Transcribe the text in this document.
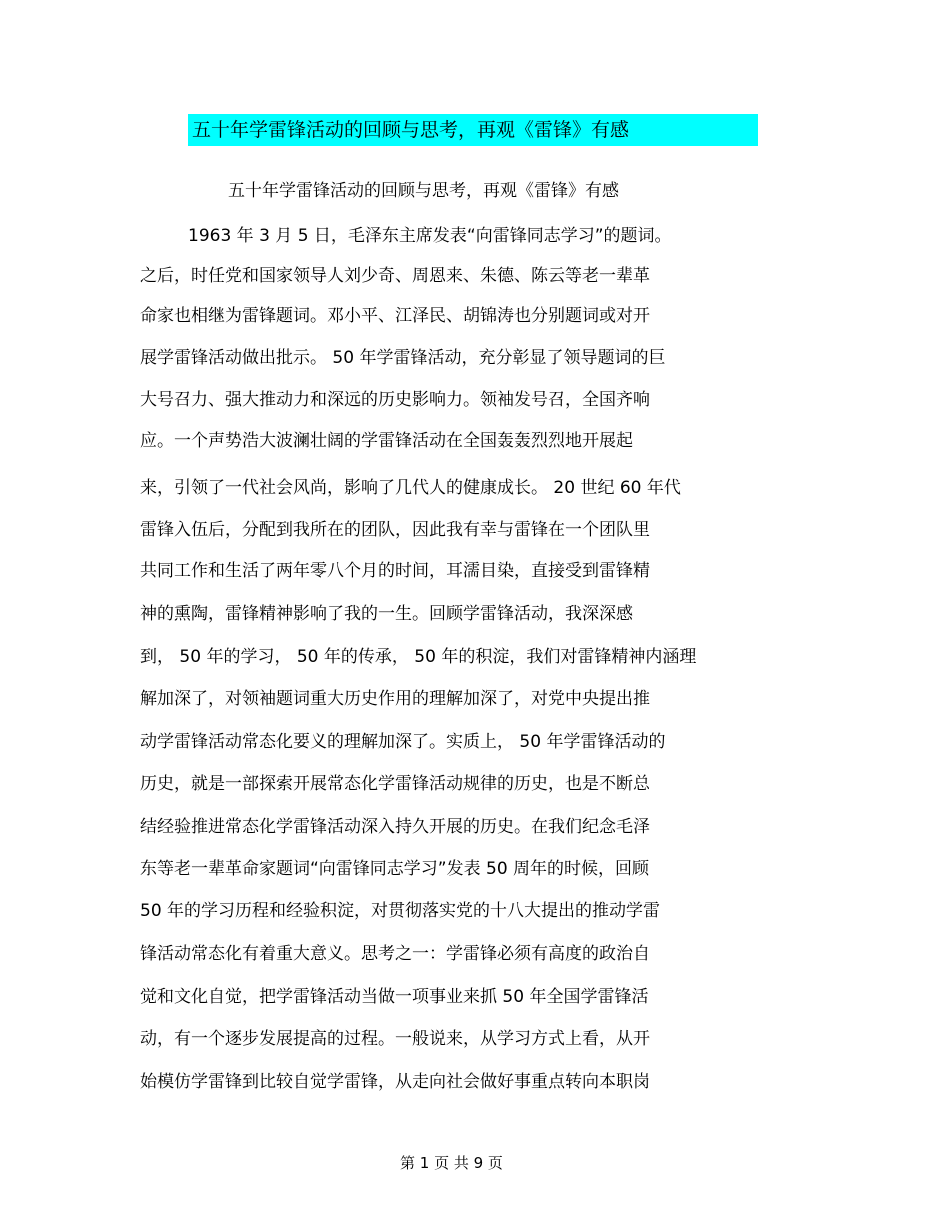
五十年学雷锋活动的回顾与思考，再观《雷锋》有感
五十年学雷锋活动的回顾与思考，再观《雷锋》有感
1963 年 3 月 5 日，毛泽东主席发表“向雷锋同志学习”的题词。
之后，时任党和国家领导人刘少奇、周恩来、朱德、陈云等老一辈革
命家也相继为雷锋题词。邓小平、江泽民、胡锦涛也分别题词或对开
展学雷锋活动做出批示。 50 年学雷锋活动，充分彰显了领导题词的巨
大号召力、强大推动力和深远的历史影响力。领袖发号召，全国齐响
应。一个声势浩大波澜壮阔的学雷锋活动在全国轰轰烈烈地开展起
来，引领了一代社会风尚，影响了几代人的健康成长。 20 世纪 60 年代
雷锋入伍后，分配到我所在的团队，因此我有幸与雷锋在一个团队里
共同工作和生活了两年零八个月的时间，耳濡目染，直接受到雷锋精
神的熏陶，雷锋精神影响了我的一生。回顾学雷锋活动，我深深感
到， 50 年的学习， 50 年的传承， 50 年的积淀，我们对雷锋精神内涵理
解加深了，对领袖题词重大历史作用的理解加深了，对党中央提出推
动学雷锋活动常态化要义的理解加深了。实质上， 50 年学雷锋活动的
历史，就是一部探索开展常态化学雷锋活动规律的历史，也是不断总
结经验推进常态化学雷锋活动深入持久开展的历史。在我们纪念毛泽
东等老一辈革命家题词“向雷锋同志学习”发表 50 周年的时候，回顾
50 年的学习历程和经验积淀，对贯彻落实党的十八大提出的推动学雷
锋活动常态化有着重大意义。思考之一：学雷锋必须有高度的政治自
觉和文化自觉，把学雷锋活动当做一项事业来抓 50 年全国学雷锋活
动，有一个逐步发展提高的过程。一般说来，从学习方式上看，从开
始模仿学雷锋到比较自觉学雷锋，从走向社会做好事重点转向本职岗
第 1 页 共 9 页
